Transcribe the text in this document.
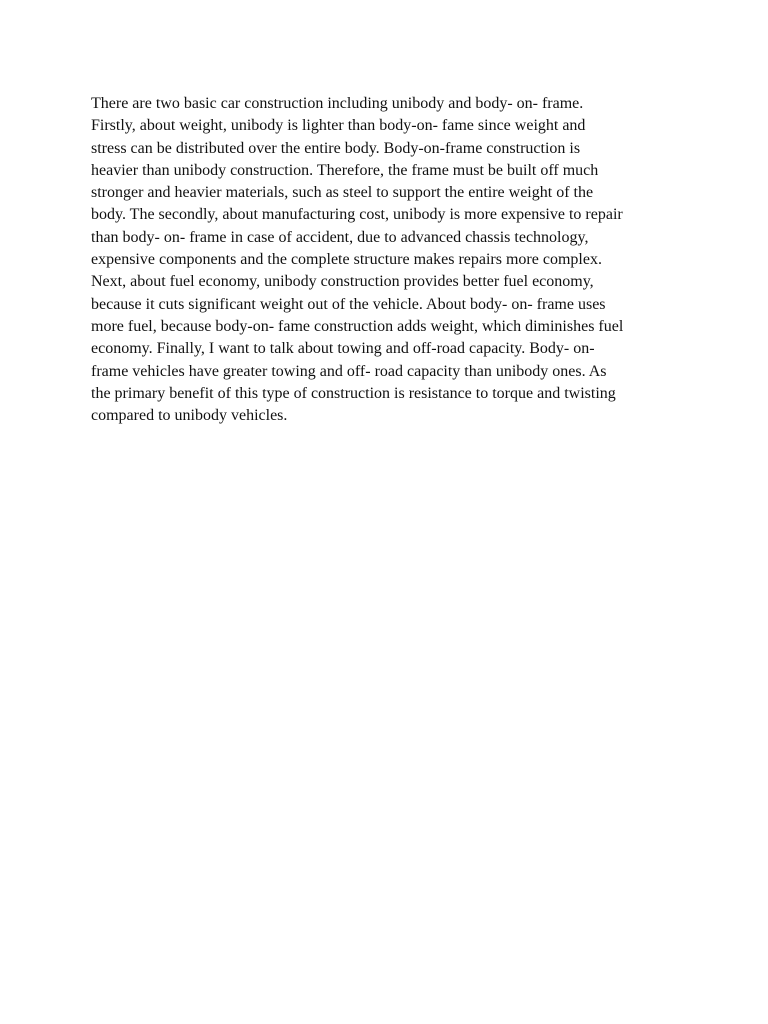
There are two basic car construction including unibody and body- on- frame.
Firstly, about weight, unibody is lighter than body-on- fame since weight and
stress can be distributed over the entire body. Body-on-frame construction is
heavier than unibody construction. Therefore, the frame must be built off much
stronger and heavier materials, such as steel to support the entire weight of the
body. The secondly, about manufacturing cost, unibody is more expensive to repair
than body- on- frame in case of accident, due to advanced chassis technology,
expensive components and the complete structure makes repairs more complex.
Next, about fuel economy, unibody construction provides better fuel economy,
because it cuts significant weight out of the vehicle. About body- on- frame uses
more fuel, because body-on- fame construction adds weight, which diminishes fuel
economy. Finally, I want to talk about towing and off-road capacity. Body- on-
frame vehicles have greater towing and off- road capacity than unibody ones. As
the primary benefit of this type of construction is resistance to torque and twisting
compared to unibody vehicles.
